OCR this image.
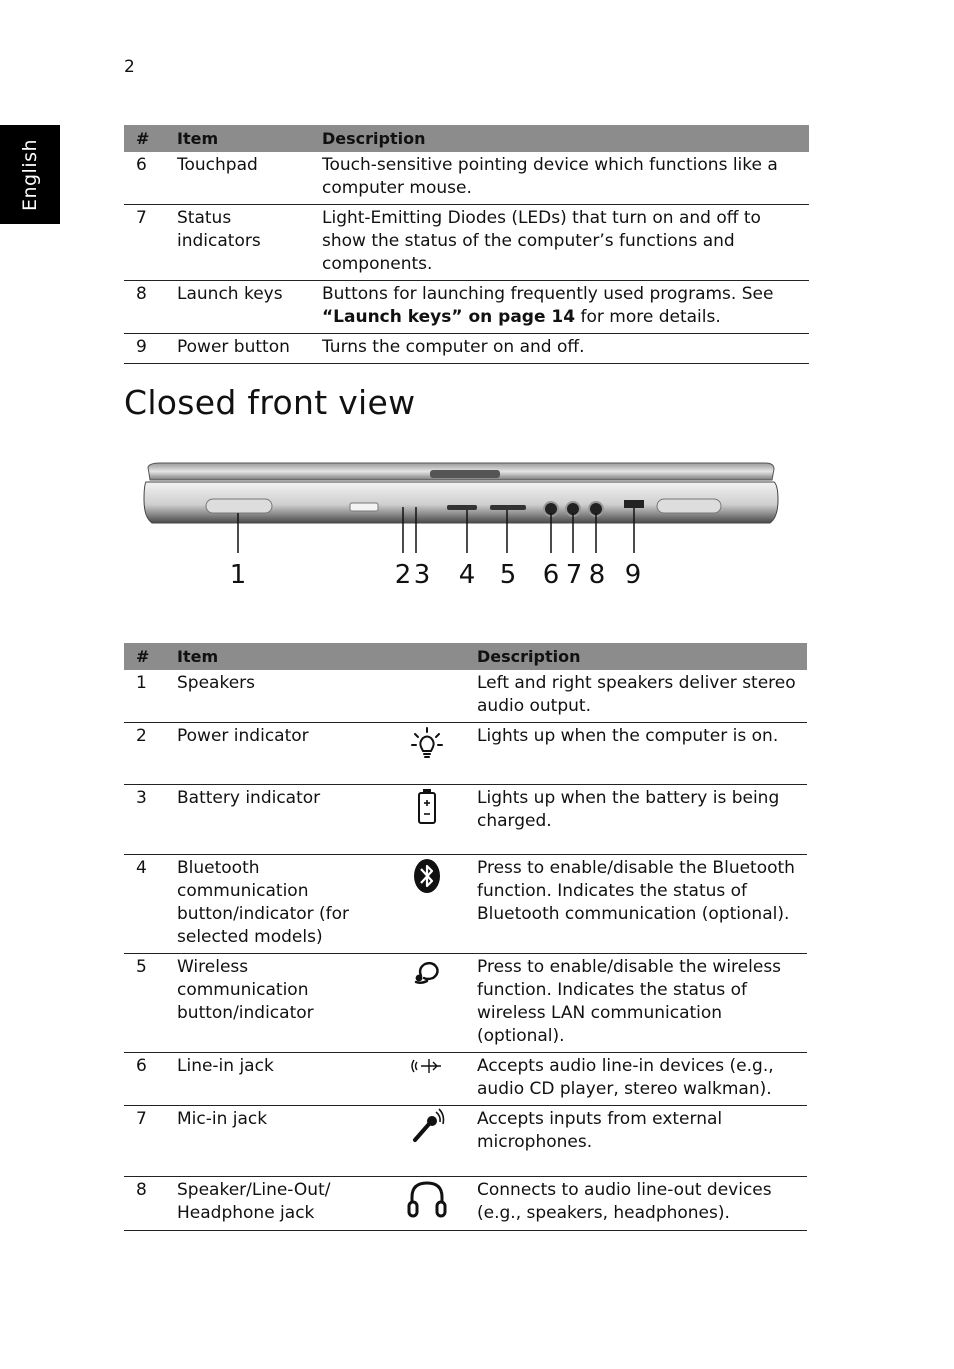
2
English	#	Item	Description
6	Touchpad	Touch-sensitive pointing device which functions like a computer mouse.
7	Status indicators	Light-Emitting Diodes (LEDs) that turn on and off to show the status of the computer’s functions and components.
8	Launch keys	Buttons for launching frequently used programs. See “Launch keys” on page 14 for more details.
9	Power button	Turns the computer on and off.
Closed front view
1	2 3 4 5 6 7 8 9
#	Item		Description
1	Speakers		Left and right speakers deliver stereo audio output.
2	Power indicator		Lights up when the computer is on.
3	Battery indicator		Lights up when the battery is being charged.
4	Bluetooth communication button/indicator (for selected models)		Press to enable/disable the Bluetooth function. Indicates the status of Bluetooth communication (optional).
5	Wireless communication button/indicator		Press to enable/disable the wireless function. Indicates the status of wireless LAN communication (optional).
6	Line-in jack		Accepts audio line-in devices (e.g., audio CD player, stereo walkman).
7	Mic-in jack		Accepts inputs from external microphones.
8	Speaker/Line-Out/ Headphone jack		Connects to audio line-out devices (e.g., speakers, headphones).
